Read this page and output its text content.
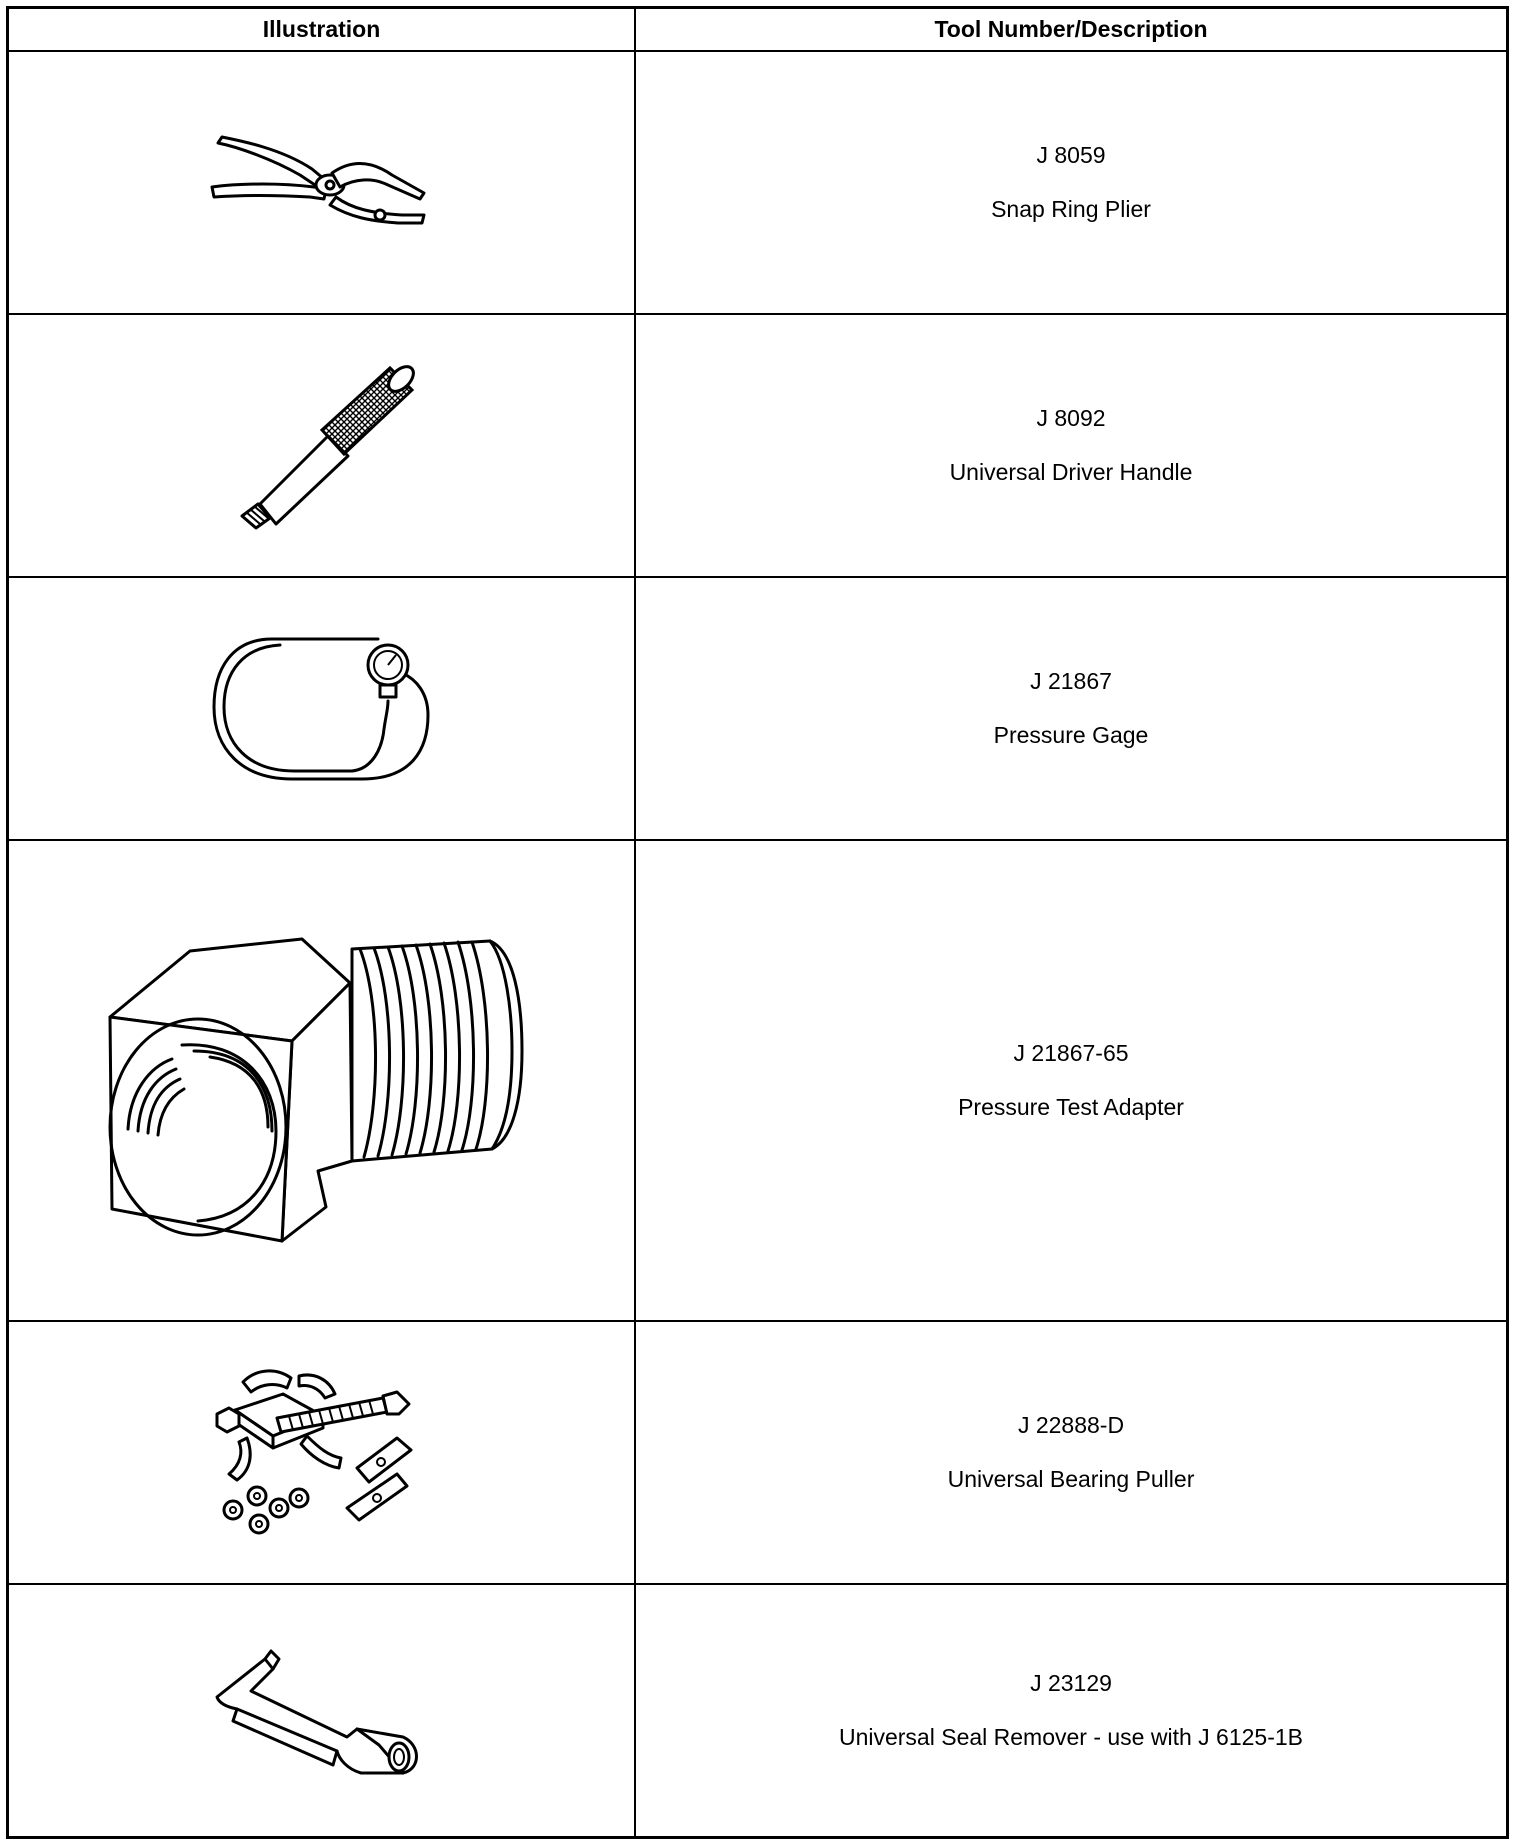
Illustration	Tool Number/Description
J 8059
Snap Ring Plier
J 8092
Universal Driver Handle
J 21867
Pressure Gage
J 21867-65
Pressure Test Adapter
J 22888-D
Universal Bearing Puller
J 23129
Universal Seal Remover - use with J 6125-1B
